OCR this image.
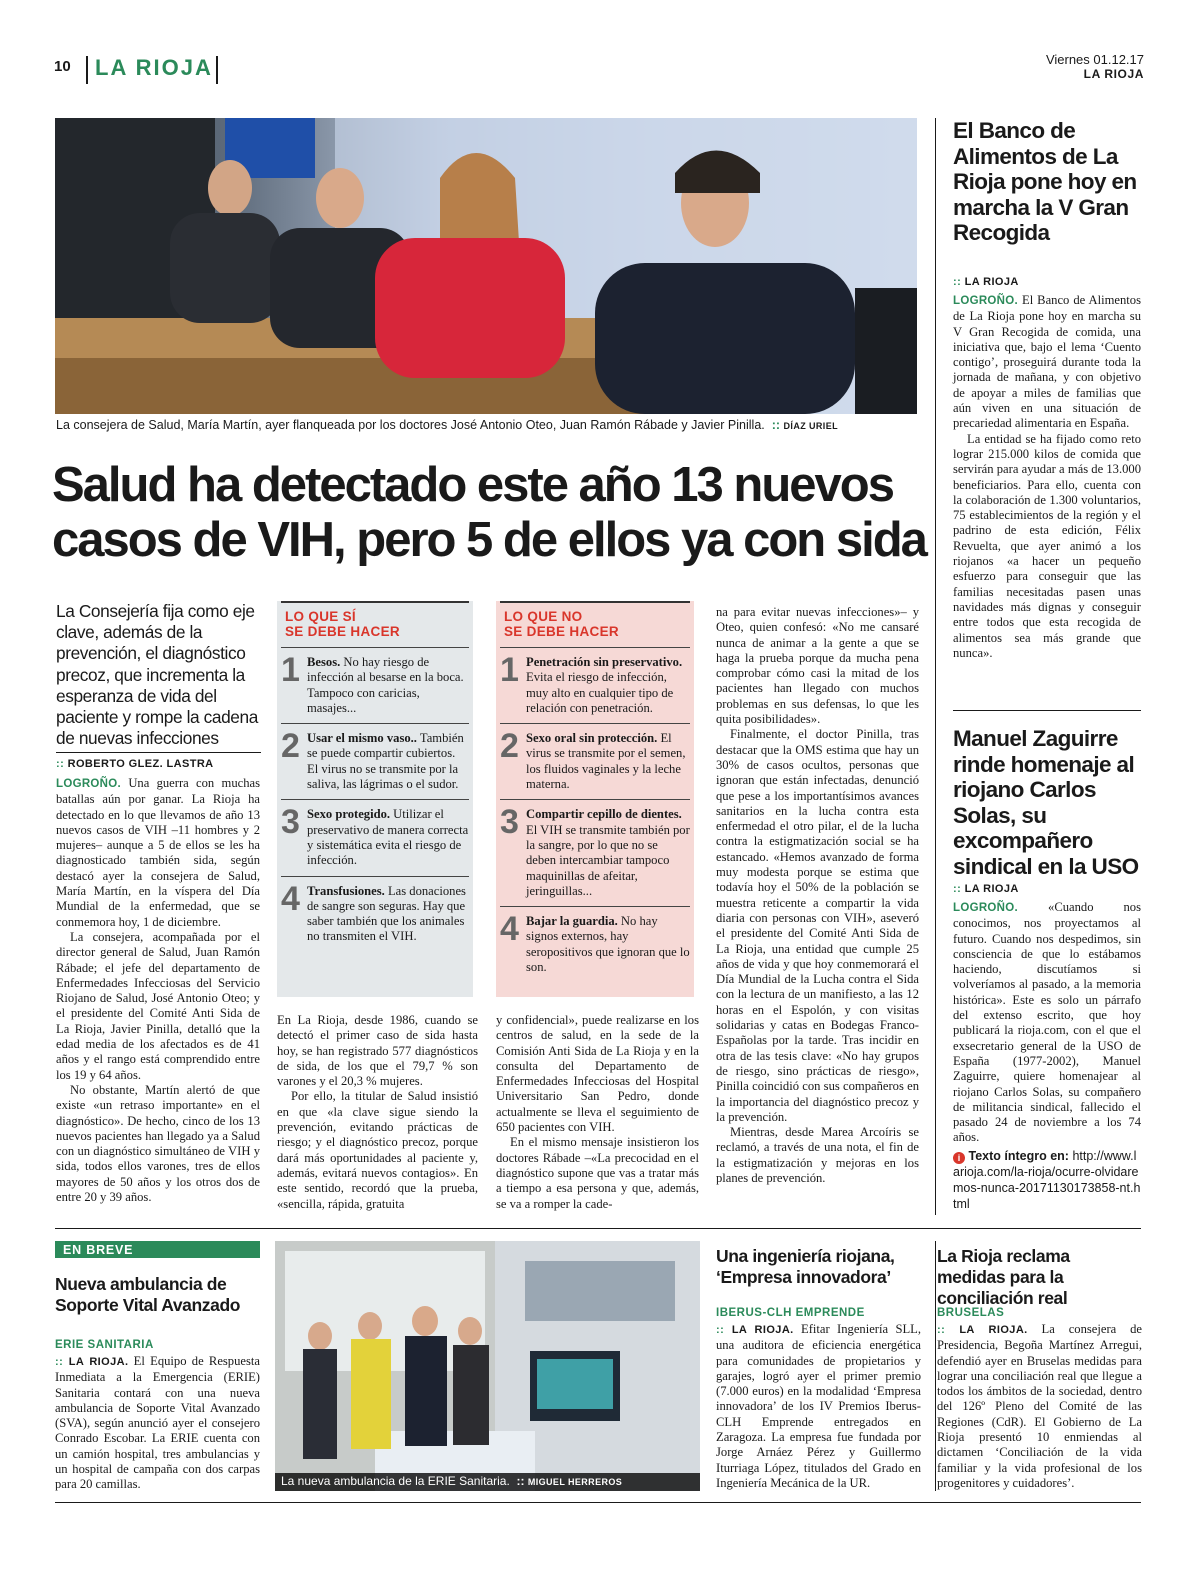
10 LA RIOJA	Viernes 01.12.17
LA RIOJA
La consejera de Salud, María Martín, ayer flanqueada por los doctores José Antonio Oteo, Juan Ramón Rábade y Javier Pinilla.  :: DÍAZ URIEL
Salud ha detectado este año 13 nuevos
casos de VIH, pero 5 de ellos ya con sida
La Consejería fija como eje clave, además de la prevención, el diagnóstico precoz, que incrementa la esperanza de vida del paciente y rompe la cadena de nuevas infecciones
:: ROBERTO GLEZ. LASTRA

LOGROÑO. Una guerra con muchas batallas aún por ganar. La Rioja ha detectado en lo que llevamos de año 13 nuevos casos de VIH –11 hombres y 2 mujeres– aunque a 5 de ellos se les ha diagnosticado también sida, según destacó ayer la consejera de Salud, María Martín, en la víspera del Día Mundial de la enfermedad, que se conmemora hoy, 1 de diciembre.

La consejera, acompañada por el director general de Salud, Juan Ramón Rábade; el jefe del departamento de Enfermedades Infecciosas del Servicio Riojano de Salud, José Antonio Oteo; y el presidente del Comité Anti Sida de La Rioja, Javier Pinilla, detalló que la edad media de los afectados es de 41 años y el rango está comprendido entre los 19 y 64 años.

No obstante, Martín alertó de que existe «un retraso importante» en el diagnóstico». De hecho, cinco de los 13 nuevos pacientes han llegado ya a Salud con un diagnóstico simultáneo de VIH y sida, todos ellos varones, tres de ellos mayores de 50 años y los otros dos de entre 20 y 39 años.

LO QUE SÍ
SE DEBE HACER
1 Besos. No hay riesgo de infección al besarse en la boca. Tampoco con caricias, masajes...
2 Usar el mismo vaso.. También se puede compartir cubiertos. El virus no se transmite por la saliva, las lágrimas o el sudor.
3 Sexo protegido. Utilizar el preservativo de manera correcta y sistemática evita el riesgo de infección.
4 Transfusiones. Las donaciones de sangre son seguras. Hay que saber también que los animales no transmiten el VIH.
LO QUE NO
SE DEBE HACER
1 Penetración sin preservativo. Evita el riesgo de infección, muy alto en cualquier tipo de relación con penetración.
2 Sexo oral sin protección. El virus se transmite por el semen, los fluidos vaginales y la leche materna.
3 Compartir cepillo de dientes. El VIH se transmite también por la sangre, por lo que no se deben intercambiar tampoco maquinillas de afeitar, jeringuillas...
4 Bajar la guardia. No hay signos externos, hay seropositivos que ignoran que lo son.

En La Rioja, desde 1986, cuando se detectó el primer caso de sida hasta hoy, se han registrado 577 diagnósticos de sida, de los que el 79,7 % son varones y el 20,3 % mujeres.

Por ello, la titular de Salud insistió en que «la clave sigue siendo la prevención, evitando prácticas de riesgo; y el diagnóstico precoz, porque dará más oportunidades al paciente y, además, evitará nuevos contagios». En este sentido, recordó que la prueba, «sencilla, rápida, gratuita

y confidencial», puede realizarse en los centros de salud, en la sede de la Comisión Anti Sida de La Rioja y en la consulta del Departamento de Enfermedades Infecciosas del Hospital Universitario San Pedro, donde actualmente se lleva el seguimiento de 650 pacientes con VIH.

En el mismo mensaje insistieron los doctores Rábade –«La precocidad en el diagnóstico supone que vas a tratar más a tiempo a esa persona y que, además, se va a romper la cade-

na para evitar nuevas infecciones»– y Oteo, quien confesó: «No me cansaré nunca de animar a la gente a que se haga la prueba porque da mucha pena comprobar cómo casi la mitad de los pacientes han llegado con muchos problemas en sus defensas, lo que les quita posibilidades».

Finalmente, el doctor Pinilla, tras destacar que la OMS estima que hay un 30% de casos ocultos, personas que ignoran que están infectadas, denunció que pese a los importantísimos avances sanitarios en la lucha contra esta enfermedad el otro pilar, el de la lucha contra la estigmatización social se ha estancado. «Hemos avanzado de forma muy modesta porque se estima que todavía hoy el 50% de la población se muestra reticente a compartir la vida diaria con personas con VIH», aseveró el presidente del Comité Anti Sida de La Rioja, una entidad que cumple 25 años de vida y que hoy conmemorará el Día Mundial de la Lucha contra el Sida con la lectura de un manifiesto, a las 12 horas en el Espolón, y con visitas solidarias y catas en Bodegas Franco-Españolas por la tarde. Tras incidir en otra de las tesis clave: «No hay grupos de riesgo, sino prácticas de riesgo», Pinilla coincidió con sus compañeros en la importancia del diagnóstico precoz y la prevención.

Mientras, desde Marea Arcoíris se reclamó, a través de una nota, el fin de la estigmatización y mejoras en los planes de prevención.

El Banco de Alimentos de La Rioja pone hoy en marcha la V Gran Recogida
:: LA RIOJA

LOGROÑO. El Banco de Alimentos de La Rioja pone hoy en marcha su V Gran Recogida de comida, una iniciativa que, bajo el lema ‘Cuento contigo’, proseguirá durante toda la jornada de mañana, y con objetivo de apoyar a miles de familias que aún viven en una situación de precariedad alimentaria en España.

La entidad se ha fijado como reto lograr 215.000 kilos de comida que servirán para ayudar a más de 13.000 beneficiarios. Para ello, cuenta con la colaboración de 1.300 voluntarios, 75 establecimientos de la región y el padrino de esta edición, Félix Revuelta, que ayer animó a los riojanos «a hacer un pequeño esfuerzo para conseguir que las familias necesitadas pasen unas navidades más dignas y conseguir entre todos que esta recogida de alimentos sea más grande que nunca».

Manuel Zaguirre rinde homenaje al riojano Carlos Solas, su excompañero sindical en la USO
:: LA RIOJA

LOGROÑO. «Cuando nos conocimos, nos proyectamos al futuro. Cuando nos despedimos, sin consciencia de que lo estábamos haciendo, discutíamos si volveríamos al pasado, a la memoria histórica». Este es solo un párrafo del extenso escrito, que hoy publicará la rioja.com, con el que el exsecretario general de la USO de España (1977-2002), Manuel Zaguirre, quiere homenajear al riojano Carlos Solas, su compañero de militancia sindical, fallecido el pasado 24 de noviembre a los 74 años.

i Texto íntegro en: http://www.larioja.com/la-rioja/ocurre-olvidaremos-nunca-20171130173858-nt.html
EN BREVE
Nueva ambulancia de Soporte Vital Avanzado
ERIE SANITARIA

:: LA RIOJA. El Equipo de Respuesta Inmediata a la Emergencia (ERIE) Sanitaria contará con una nueva ambulancia de Soporte Vital Avanzado (SVA), según anunció ayer el consejero Conrado Escobar. La ERIE cuenta con un camión hospital, tres ambulancias y un hospital de campaña con dos carpas para 20 camillas.	La nueva ambulancia de la ERIE Sanitaria.  :: MIGUEL HERREROS
Una ingeniería riojana, ‘Empresa innovadora’
IBERUS-CLH EMPRENDE

:: LA RIOJA. Efitar Ingeniería SLL, una auditora de eficiencia energética para comunidades de propietarios y garajes, logró ayer el primer premio (7.000 euros) en la modalidad ‘Empresa innovadora’ de los IV Premios Iberus-CLH Emprende entregados en Zaragoza. La empresa fue fundada por Jorge Arnáez Pérez y Guillermo Iturriaga López, titulados del Grado en Ingeniería Mecánica de la UR.

La Rioja reclama medidas para la conciliación real
BRUSELAS

:: LA RIOJA. La consejera de Presidencia, Begoña Martínez Arregui, defendió ayer en Bruselas medidas para lograr una conciliación real que llegue a todos los ámbitos de la sociedad, dentro del 126º Pleno del Comité de las Regiones (CdR). El Gobierno de La Rioja presentó 10 enmiendas al dictamen ‘Conciliación de la vida familiar y la vida profesional de los progenitores y cuidadores’.
